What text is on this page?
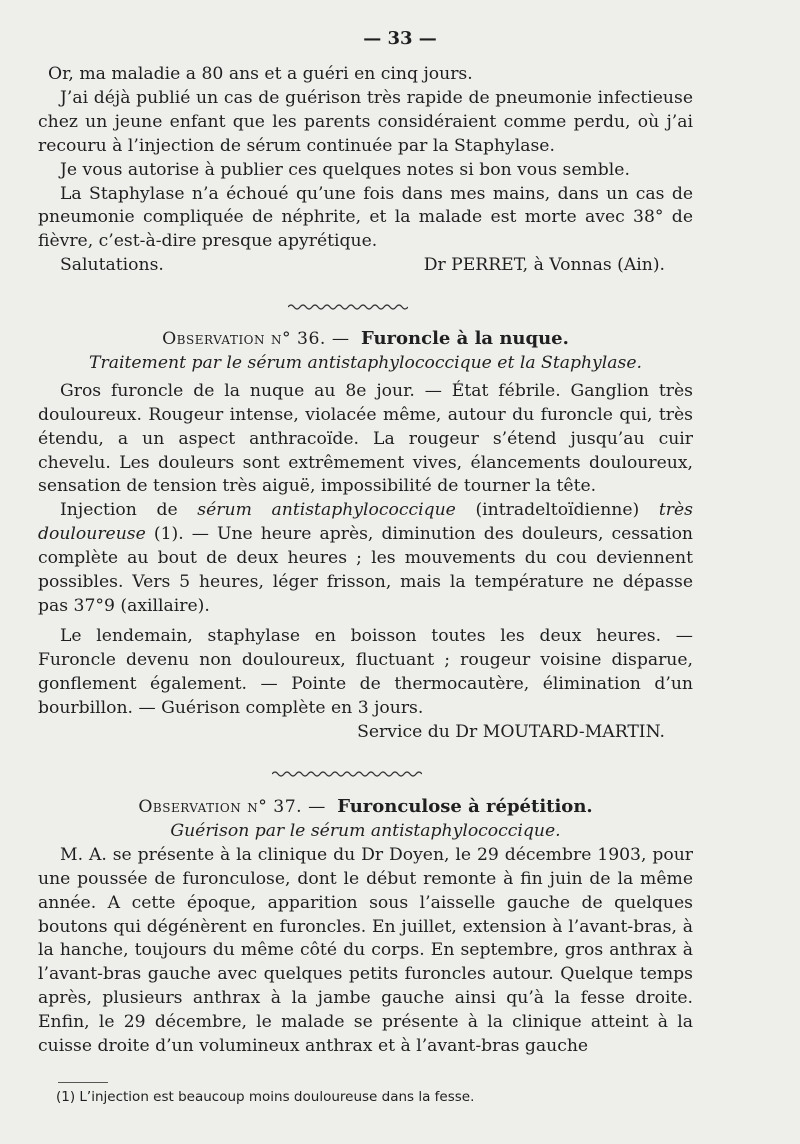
— 33 —

Or, ma maladie a 80 ans et a guéri en cinq jours.

J’ai déjà publié un cas de guérison très rapide de pneumonie infectieuse chez un jeune enfant que les parents considéraient comme perdu, où j’ai recouru à l’injection de sérum continuée par la Staphylase.

Je vous autorise à publier ces quelques notes si bon vous semble.

La Staphylase n’a échoué qu’une fois dans mes mains, dans un cas de pneumonie compliquée de néphrite, et la malade est morte avec 38° de fièvre, c’est-à-dire presque apyrétique.

Salutations.	Dr PERRET, à Vonnas (Ain).

Observation n° 36. — Furoncle à la nuque.

Traitement par le sérum antistaphylococcique et la Staphylase.

Gros furoncle de la nuque au 8e jour. — État fébrile. Ganglion très douloureux. Rougeur intense, violacée même, autour du furoncle qui, très étendu, a un aspect anthracoïde. La rougeur s’étend jusqu’au cuir chevelu. Les douleurs sont extrêmement vives, élancements douloureux, sensation de tension très aiguë, impossibilité de tourner la tête.

Injection de sérum antistaphylococcique (intradeltoïdienne) très douloureuse (1). — Une heure après, diminution des douleurs, cessation complète au bout de deux heures ; les mouvements du cou deviennent possibles. Vers 5 heures, léger frisson, mais la température ne dépasse pas 37°9 (axillaire).

Le lendemain, staphylase en boisson toutes les deux heures. — Furoncle devenu non douloureux, fluctuant ; rougeur voisine disparue, gonflement également. — Pointe de thermocautère, élimination d’un bourbillon. — Guérison complète en 3 jours.

Service du Dr MOUTARD-MARTIN.

Observation n° 37. — Furonculose à répétition.

Guérison par le sérum antistaphylococcique.

M. A. se présente à la clinique du Dr Doyen, le 29 décembre 1903, pour une poussée de furonculose, dont le début remonte à fin juin de la même année. A cette époque, apparition sous l’aisselle gauche de quelques boutons qui dégénèrent en furoncles. En juillet, extension à l’avant-bras, à la hanche, toujours du même côté du corps. En septembre, gros anthrax à l’avant-bras gauche avec quelques petits furoncles autour. Quelque temps après, plusieurs anthrax à la jambe gauche ainsi qu’à la fesse droite. Enfin, le 29 décembre, le malade se présente à la clinique atteint à la cuisse droite d’un volumineux anthrax et à l’avant-bras gauche

(1) L’injection est beaucoup moins douloureuse dans la fesse.
